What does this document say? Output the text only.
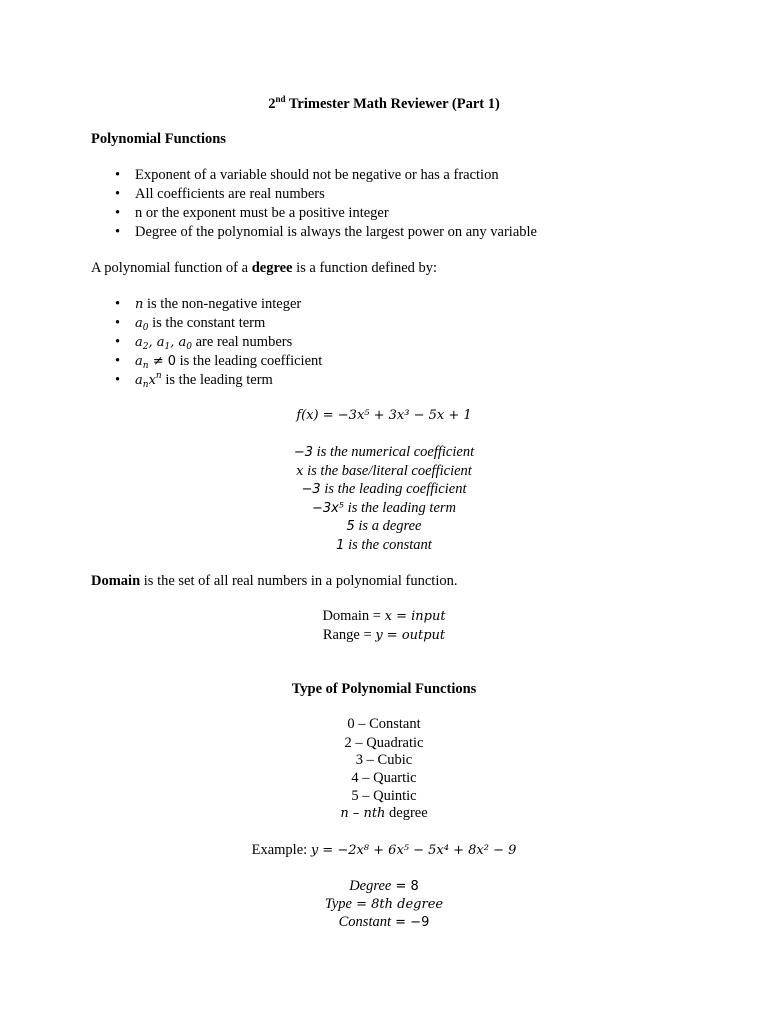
2nd Trimester Math Reviewer (Part 1)
Polynomial Functions
• Exponent of a variable should not be negative or has a fraction
• All coefficients are real numbers
• n or the exponent must be a positive integer
• Degree of the polynomial is always the largest power on any variable
A polynomial function of a degree is a function defined by:
• n is the non-negative integer
• $a_0$ is the constant term
• $a_2$, $a_1$, $a_0$ are real numbers
• $a_n \ne 0$ is the leading coefficient
• $a_nx^n$ is the leading term
f(x) = −3x⁵ + 3x³ − 5x + 1
−3 is the numerical coefficient
x is the base/literal coefficient
−3 is the leading coefficient
−3x⁵ is the leading term
5 is a degree
1 is the constant
Domain is the set of all real numbers in a polynomial function.
Domain = x = input
Range = y = output
Type of Polynomial Functions
0 – Constant
2 – Quadratic
3 – Cubic
4 – Quartic
5 – Quintic
n – nth degree
Example: y = −2x⁸ + 6x⁵ − 5x⁴ + 8x² − 9
Degree = 8
Type = 8th degree
Constant = −9
